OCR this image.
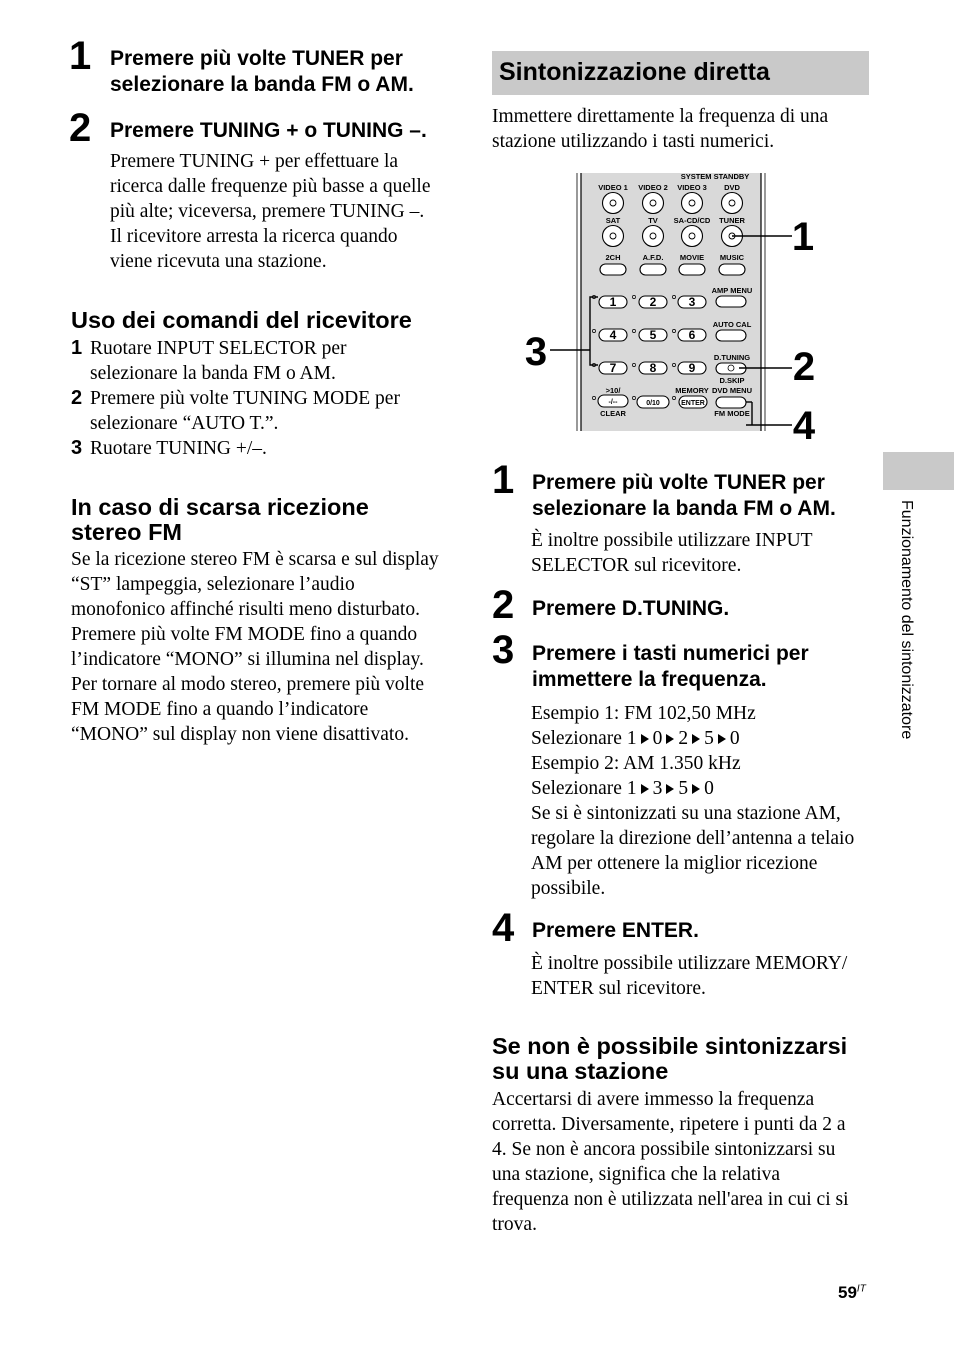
1 Premere più volte TUNER per
selezionare la banda FM o AM.
2 Premere TUNING + o TUNING –.
Premere TUNING + per effettuare la
ricerca dalle frequenze più basse a quelle
più alte; viceversa, premere TUNING –.
Il ricevitore arresta la ricerca quando
viene ricevuta una stazione.
Uso dei comandi del ricevitore
1 Ruotare INPUT SELECTOR per
selezionare la banda FM o AM.
2 Premere più volte TUNING MODE per
selezionare “AUTO T.”.
3 Ruotare TUNING +/–.
In caso di scarsa ricezione
stereo FM
Se la ricezione stereo FM è scarsa e sul display
“ST” lampeggia, selezionare l’audio
monofonico affinché risulti meno disturbato.
Premere più volte FM MODE fino a quando
l’indicatore “MONO” si illumina nel display.
Per tornare al modo stereo, premere più volte
FM MODE fino a quando l’indicatore
“MONO” sul display non viene disattivato.
Sintonizzazione diretta
Immettere direttamente la frequenza di una
stazione utilizzando i tasti numerici.
SYSTEM STANDBY
VIDEO 1 VIDEO 2 VIDEO 3 DVD
SAT	TV SA-CD/CD TUNER
2CH	A.F.D. MOVIE MUSIC
AMP MENU
AUTO CAL
D.TUNING
D.SKIP
DVD MENU
FM MODE
MEMORY
>10/
CLEAR
-/--	0/10	ENTER
1	2	3
4	5	6
7	8	9
1
3	2
4
1 Premere più volte TUNER per
selezionare la banda FM o AM.
È inoltre possibile utilizzare INPUT
SELECTOR sul ricevitore.
2 Premere D.TUNING.
3 Premere i tasti numerici per
immettere la frequenza.
Esempio 1: FM 102,50 MHz
Selezionare 1 0 2 5 0
Esempio 2: AM 1.350 kHz
Selezionare 1 3 5 0
Se si è sintonizzati su una stazione AM,
regolare la direzione dell’antenna a telaio
AM per ottenere la miglior ricezione
possibile.
4 Premere ENTER.
È inoltre possibile utilizzare MEMORY/
ENTER sul ricevitore.
Se non è possibile sintonizzarsi
su una stazione
Accertarsi di avere immesso la frequenza
corretta. Diversamente, ripetere i punti da 2 a
4. Se non è ancora possibile sintonizzarsi su
una stazione, significa che la relativa
frequenza non è utilizzata nell'area in cui ci si
trova.
Funzionamento del sintonizzatore
$59^{IT}$
